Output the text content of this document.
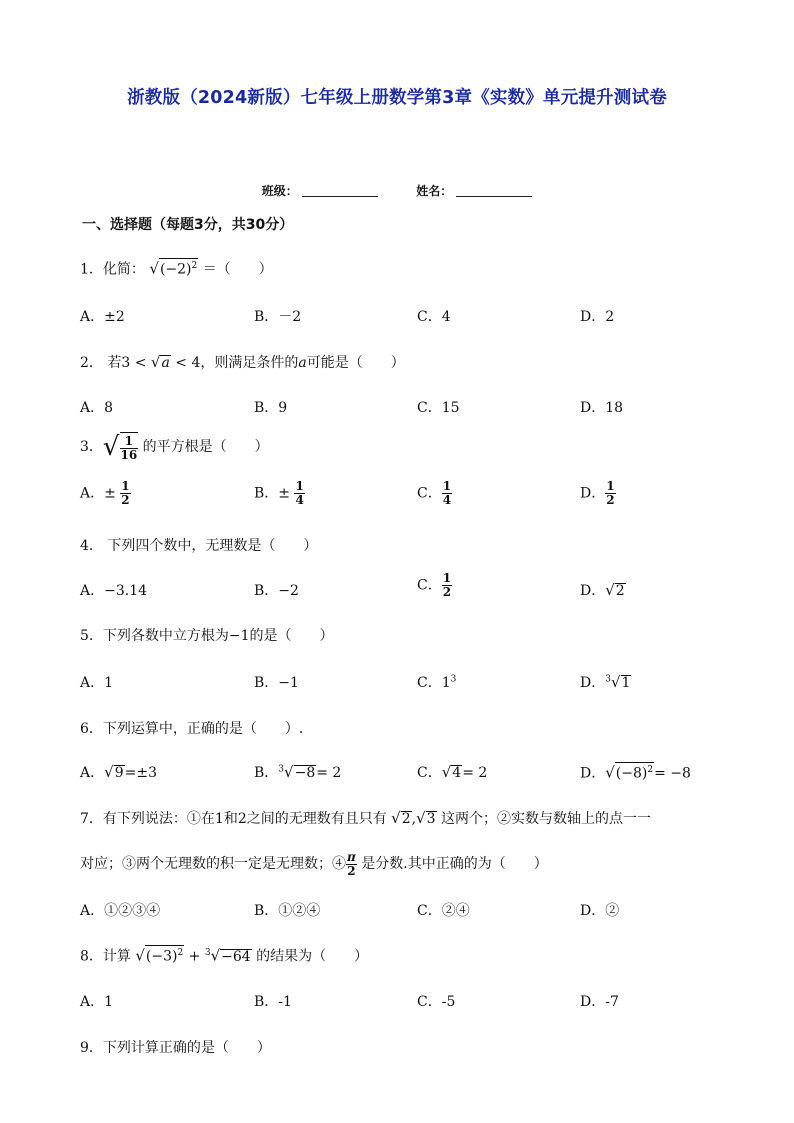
浙教版（2024新版）七年级上册数学第3章《实数》单元提升测试卷
班级：	姓名：
一、选择题（每题3分，共30分）
1．化简： $√(-2)^2$ ＝（　　）
A．±2	B．－2	C．4	D．2
2． 若3 < √a < 4，则满足条件的a可能是（　　）
A．8	B．9	C．15	D．18
3．√ $\frac{1}{16}$ 的平方根是（　　）
A．± $\frac{1}{2}$	B．± $\frac{1}{4}$	C． $\frac{1}{4}$	D． $\frac{1}{2}$
4． 下列四个数中，无理数是（　　）
A．−3.14	B．−2	C． $\frac{1}{2}$	D．√2
5．下列各数中立方根为−1的是（　　）
A．1	B．−1	C．$1^3$	D．$^3$√1
6．下列运算中，正确的是（　　）.
A．√9=±3	B．$^3$√−8= 2	C．√4= 2	D．$√(-8)^2= -8$
7．有下列说法：①在1和2之间的无理数有且只有 √2,√3 这两个；②实数与数轴上的点一一
对应；③两个无理数的积一定是无理数；④ $\frac{\pi}{2}$ 是分数.其中正确的为（　　）
A．①②③④	B．①②④	C．②④	D．②
8．计算 $√(-3)^2 + ^3√-64$ 的结果为（　　）
A．1	B．-1	C．-5	D．-7
9．下列计算正确的是（　　）
